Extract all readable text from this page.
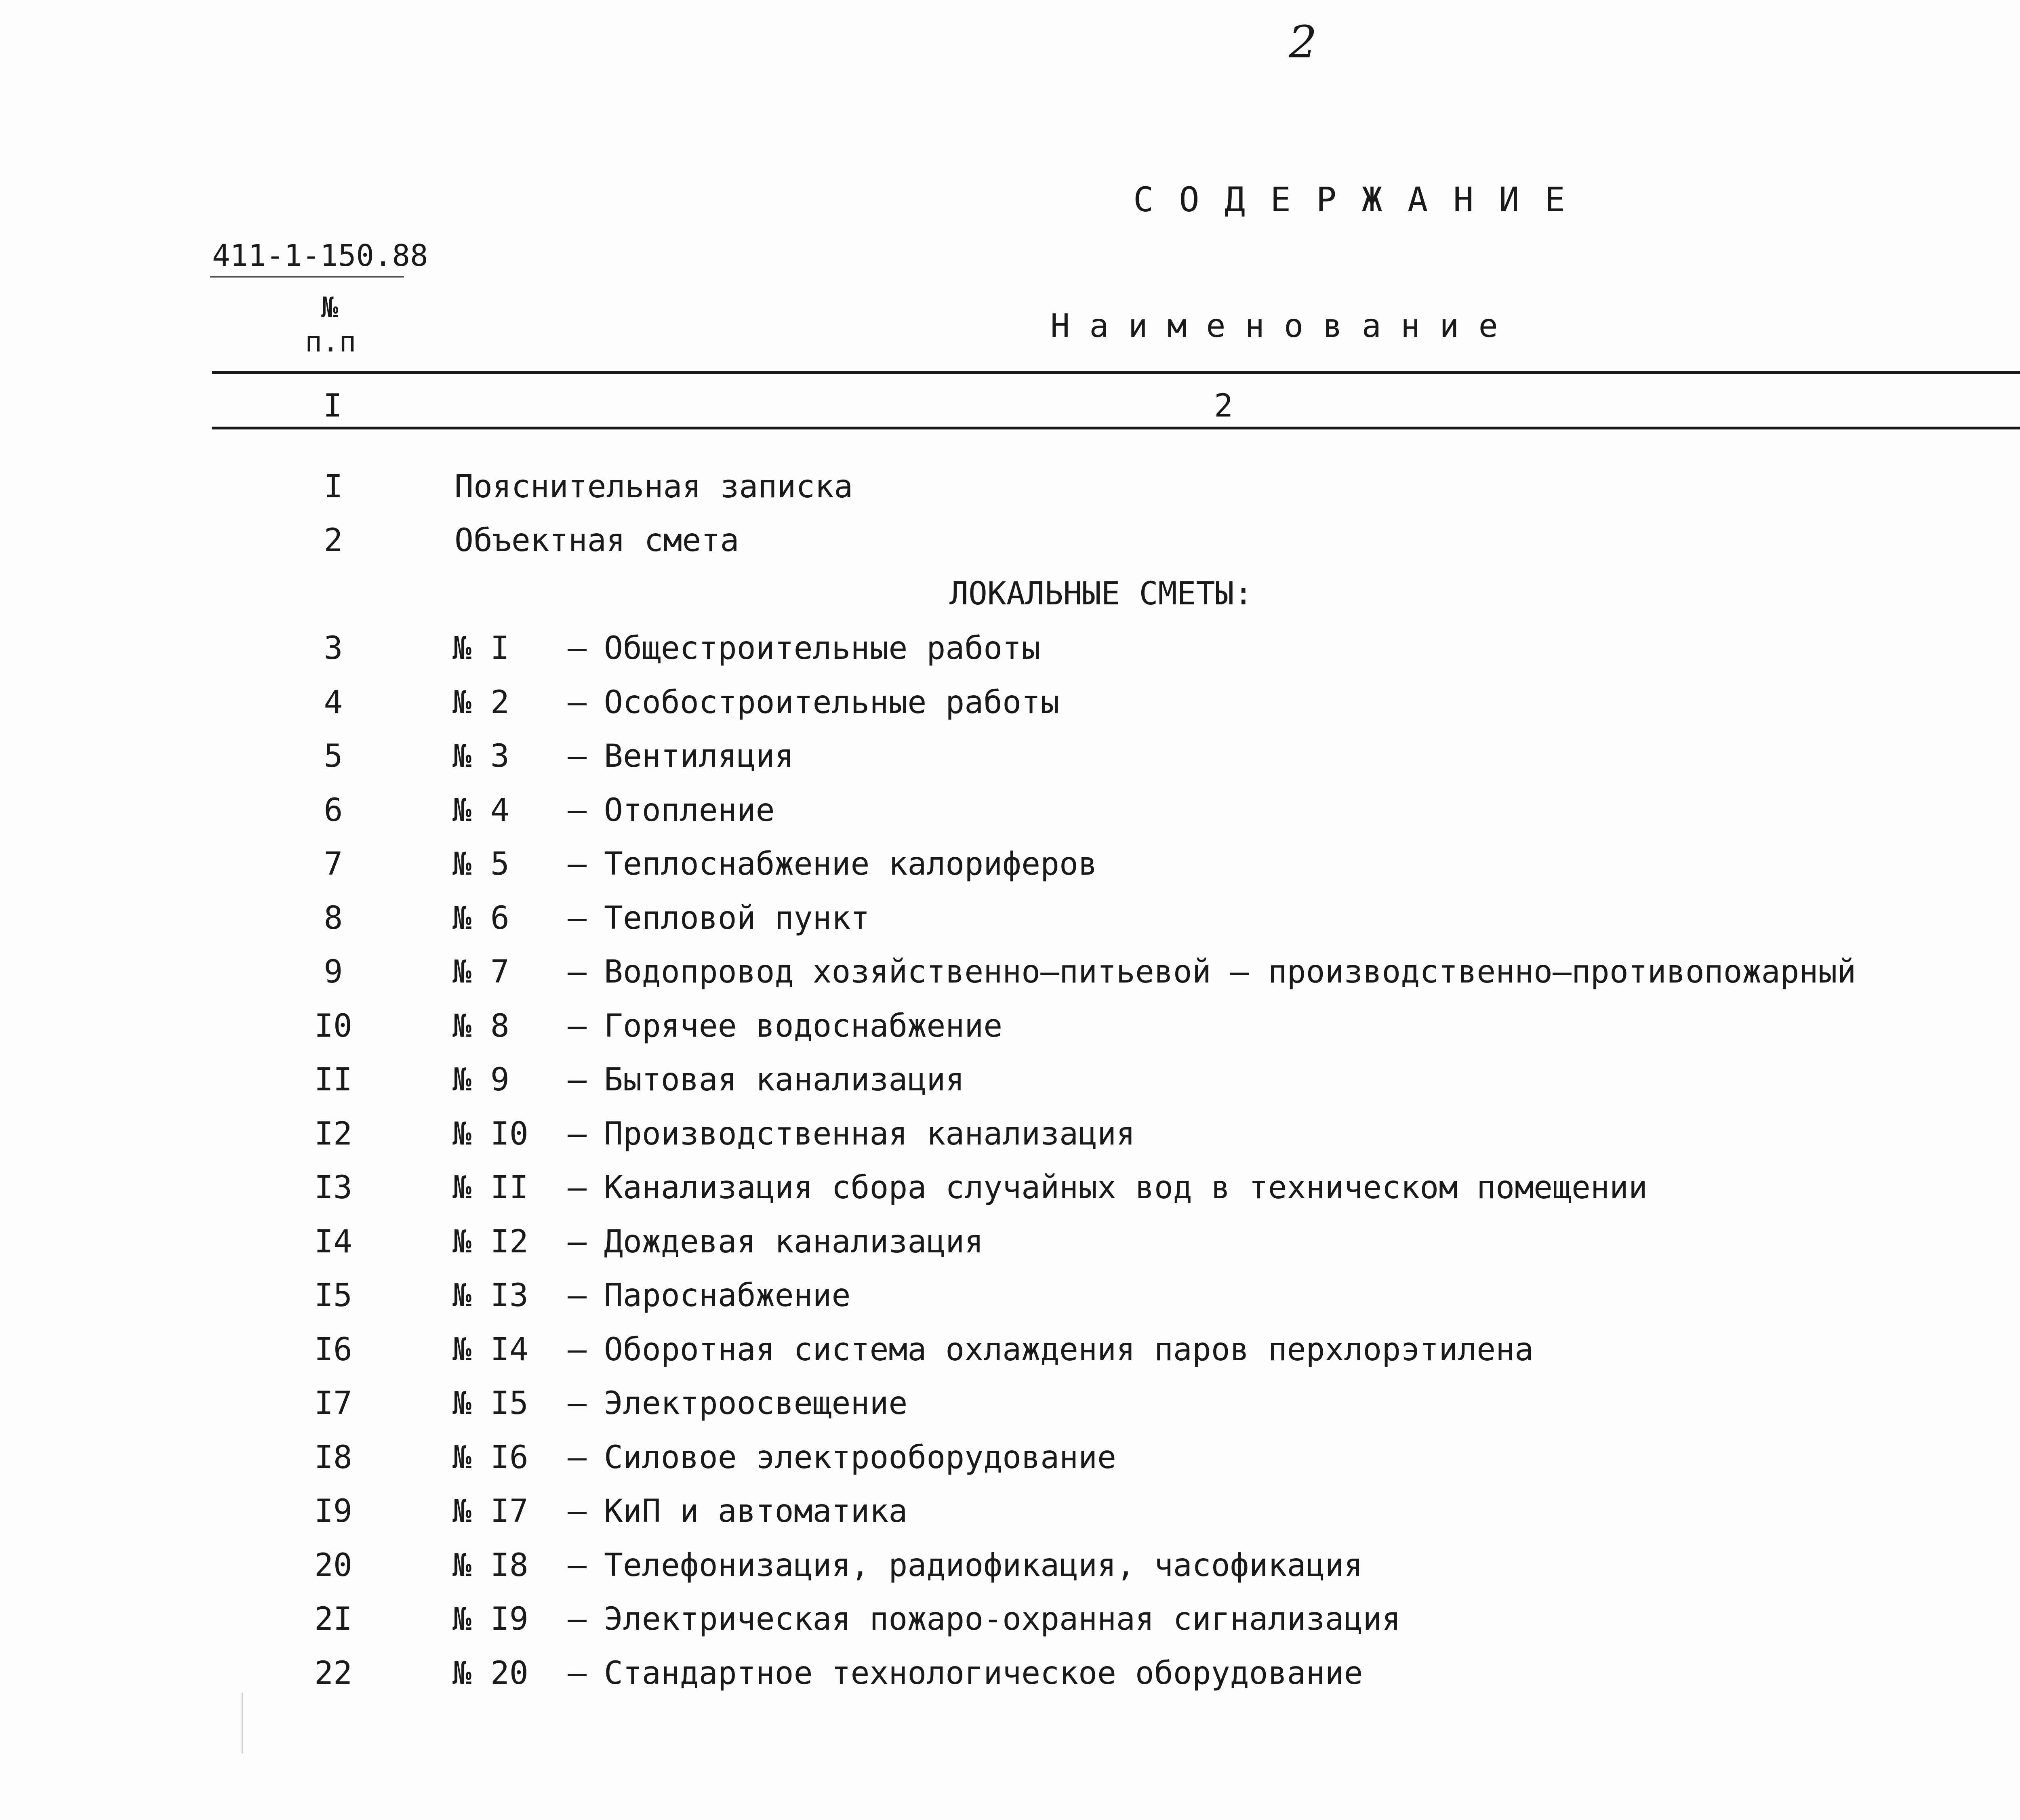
2
С О Д Е Р Ж А Н И Е
411-1-150.88
№
п.п	Н а и м е н о в а н и е
I	2
I	Пояснительная записка
2	Объектная смета
ЛОКАЛЬНЫЕ СМЕТЫ:
3	№ I – Общестроительные работы
4	№ 2 – Особостроительные работы
5	№ 3 – Вентиляция
6	№ 4 – Отопление
7	№ 5 – Теплоснабжение калориферов
8	№ 6 – Тепловой пункт
9	№ 7 – Водопровод хозяйственно–питьевой – производственно–противопожарный
I0	№ 8 – Горячее водоснабжение
II	№ 9 – Бытовая канализация
I2	№ I0 – Производственная канализация
I3	№ II – Канализация сбора случайных вод в техническом помещении
I4	№ I2 – Дождевая канализация
I5	№ I3 – Пароснабжение
I6	№ I4 – Оборотная система охлаждения паров перхлорэтилена
I7	№ I5 – Электроосвещение
I8	№ I6 – Силовое электрооборудование
I9	№ I7 – КиП и автоматика
20	№ I8 – Телефонизация, радиофикация, часофикация
2I	№ I9 – Электрическая пожаро-охранная сигнализация
22	№ 20 – Стандартное технологическое оборудование
